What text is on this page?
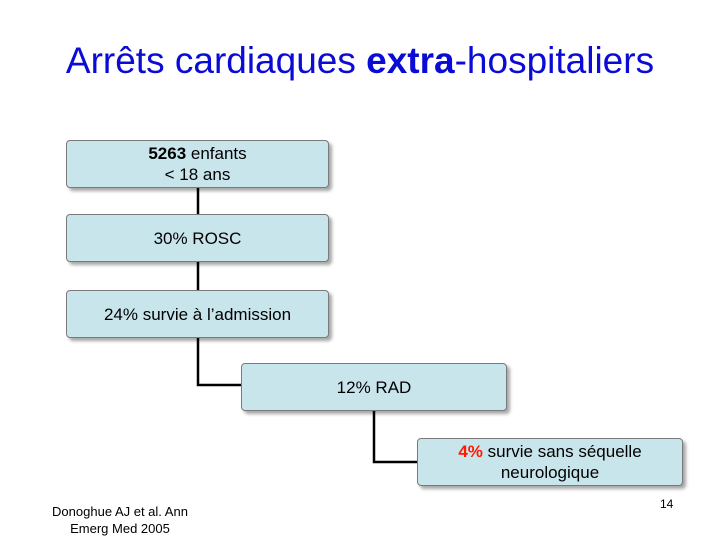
Arrêts cardiaques extra-hospitaliers
5263 enfants
< 18 ans
30% ROSC
24% survie à l’admission
12% RAD
4% survie sans séquelle
neurologique
Donoghue AJ et al. Ann
Emerg Med 2005
14
